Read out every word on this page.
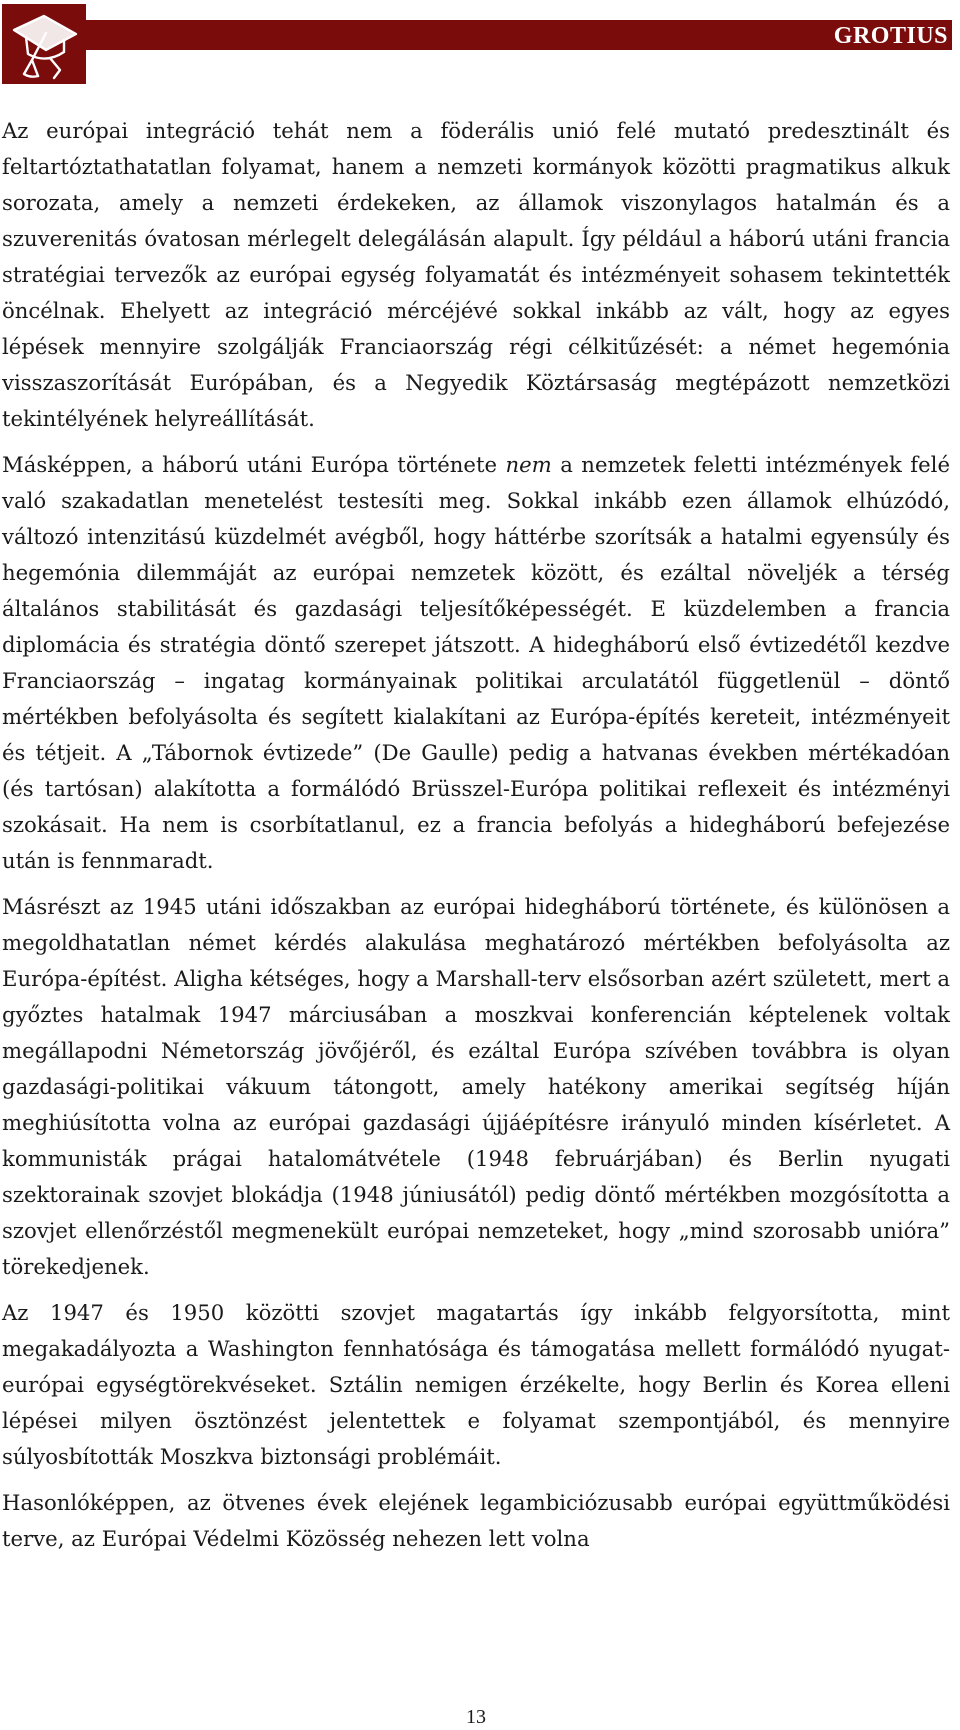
GROTIUS

Az európai integráció tehát nem a föderális unió felé mutató predesztinált és feltartóztathatatlan folyamat, hanem a nemzeti kormányok közötti pragmatikus alkuk sorozata, amely a nemzeti érdekeken, az államok viszonylagos hatalmán és a szuverenitás óvatosan mérlegelt delegálásán alapult. Így például a háború utáni francia stratégiai tervezők az európai egység folyamatát és intézményeit sohasem tekintették öncélnak. Ehelyett az integráció mércéjévé sokkal inkább az vált, hogy az egyes lépések mennyire szolgálják Franciaország régi célkitűzését: a német hegemónia visszaszorítását Európában, és a Negyedik Köztársaság megtépázott nemzetközi tekintélyének helyreállítását.

Másképpen, a háború utáni Európa története nem a nemzetek feletti intézmények felé való szakadatlan menetelést testesíti meg. Sokkal inkább ezen államok elhúzódó, változó intenzitású küzdelmét avégből, hogy háttérbe szorítsák a hatalmi egyensúly és hegemónia dilemmáját az európai nemzetek között, és ezáltal növeljék a térség általános stabilitását és gazdasági teljesítőképességét. E küzdelemben a francia diplomácia és stratégia döntő szerepet játszott. A hidegháború első évtizedétől kezdve Franciaország – ingatag kormányainak politikai arculatától függetlenül – döntő mértékben befolyásolta és segített kialakítani az Európa-építés kereteit, intézményeit és tétjeit. A „Tábornok évtizede” (De Gaulle) pedig a hatvanas években mértékadóan (és tartósan) alakította a formálódó Brüsszel-Európa politikai reflexeit és intézményi szokásait. Ha nem is csorbítatlanul, ez a francia befolyás a hidegháború befejezése után is fennmaradt.

Másrészt az 1945 utáni időszakban az európai hidegháború története, és különösen a megoldhatatlan német kérdés alakulása meghatározó mértékben befolyásolta az Európa-építést. Aligha kétséges, hogy a Marshall-terv elsősorban azért született, mert a győztes hatalmak 1947 márciusában a moszkvai konferencián képtelenek voltak megállapodni Németország jövőjéről, és ezáltal Európa szívében továbbra is olyan gazdasági-politikai vákuum tátongott, amely hatékony amerikai segítség híján meghiúsította volna az európai gazdasági újjáépítésre irányuló minden kísérletet. A kommunisták prágai hatalomátvétele (1948 februárjában) és Berlin nyugati szektorainak szovjet blokádja (1948 júniusától) pedig döntő mértékben mozgósította a szovjet ellenőrzéstől megmenekült európai nemzeteket, hogy „mind szorosabb unióra” törekedjenek.

Az 1947 és 1950 közötti szovjet magatartás így inkább felgyorsította, mint megakadályozta a Washington fennhatósága és támogatása mellett formálódó nyugat-európai egységtörekvéseket. Sztálin nemigen érzékelte, hogy Berlin és Korea elleni lépései milyen ösztönzést jelentettek e folyamat szempontjából, és mennyire súlyosbították Moszkva biztonsági problémáit.

Hasonlóképpen, az ötvenes évek elejének legambiciózusabb európai együttműködési terve, az Európai Védelmi Közösség nehezen lett volna

13
